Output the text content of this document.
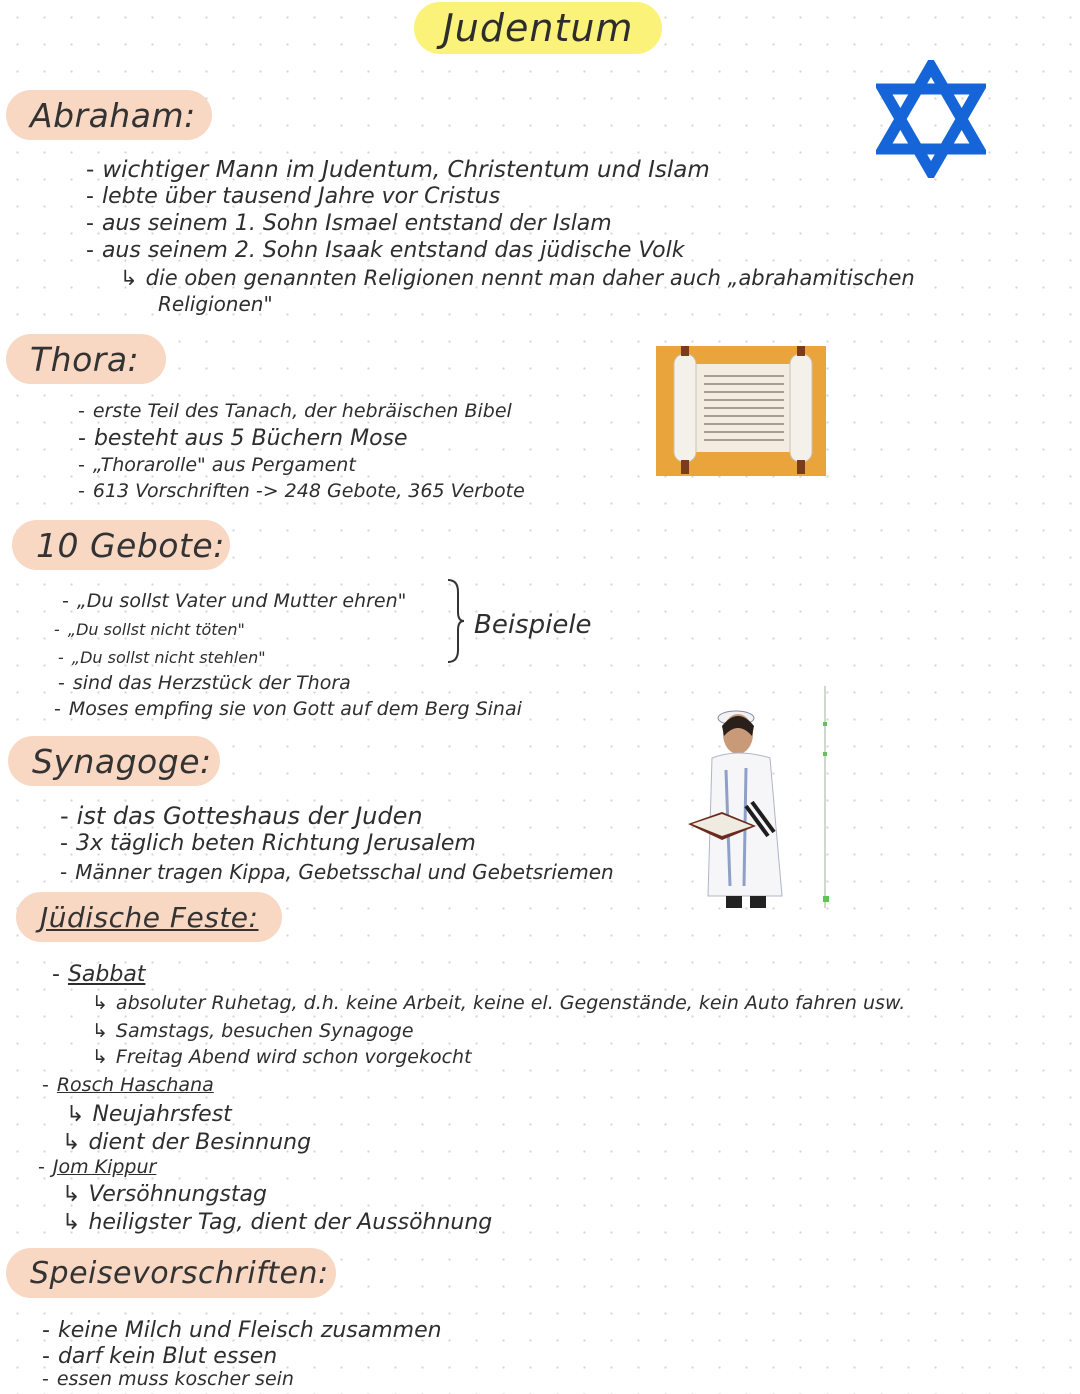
Judentum
Abraham:
- wichtiger Mann im Judentum, Christentum und Islam
- lebte über tausend Jahre vor Cristus
- aus seinem 1. Sohn Ismael entstand der Islam
- aus seinem 2. Sohn Isaak entstand das jüdische Volk
↳ die oben genannten Religionen nennt man daher auch „abrahamitischen
Religionen"
Thora:
- erste Teil des Tanach, der hebräischen Bibel
- besteht aus 5 Büchern Mose
- „Thorarolle" aus Pergament
- 613 Vorschriften -> 248 Gebote, 365 Verbote
10 Gebote:
- „Du sollst Vater und Mutter ehren"
- „Du sollst nicht töten"
- „Du sollst nicht stehlen"
Beispiele
- sind das Herzstück der Thora
- Moses empfing sie von Gott auf dem Berg Sinai
Synagoge:
- ist das Gotteshaus der Juden
- 3x täglich beten Richtung Jerusalem
- Männer tragen Kippa, Gebetsschal und Gebetsriemen
Jüdische Feste:
- Sabbat
↳ absoluter Ruhetag, d.h. keine Arbeit, keine el. Gegenstände, kein Auto fahren usw.
↳ Samstags, besuchen Synagoge
↳ Freitag Abend wird schon vorgekocht
- Rosch Haschana
↳ Neujahrsfest
↳ dient der Besinnung
- Jom Kippur
↳ Versöhnungstag
↳ heiligster Tag, dient der Aussöhnung
Speisevorschriften:
- keine Milch und Fleisch zusammen
- darf kein Blut essen
- essen muss koscher sein
